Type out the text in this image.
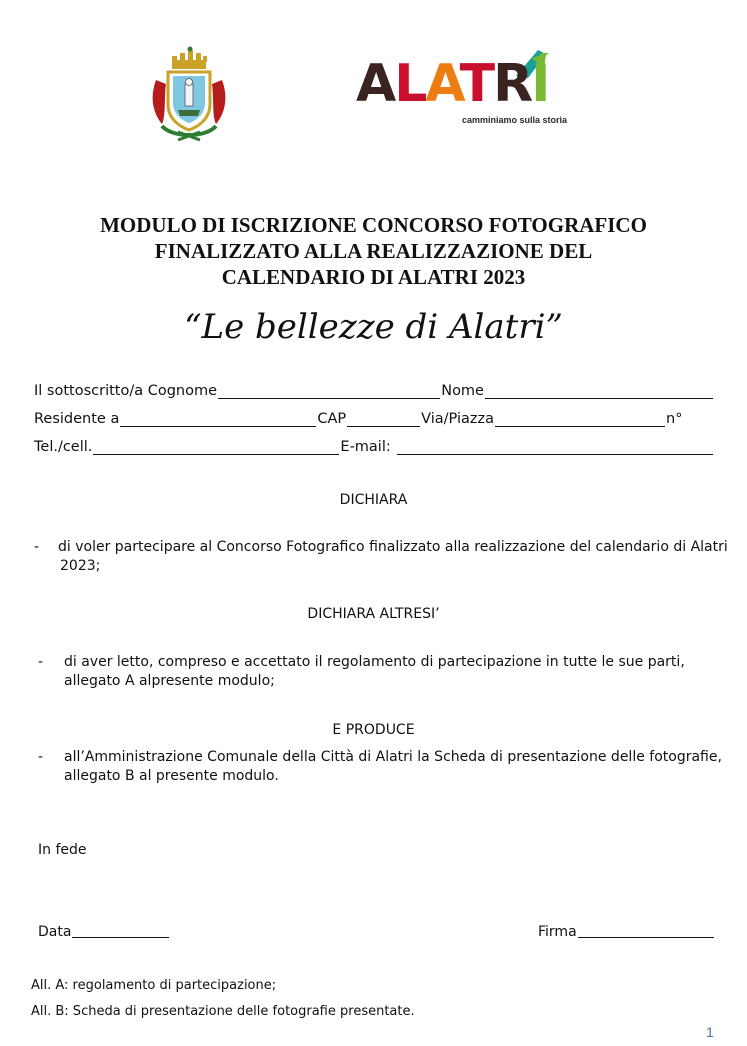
ALATRÍ
camminiamo sulla storia
MODULO DI ISCRIZIONE CONCORSO FOTOGRAFICO
FINALIZZATO ALLA REALIZZAZIONE DEL
CALENDARIO DI ALATRI 2023
“Le bellezze di Alatri”
Il sottoscritto/a Cognome	Nome
Residente a	CAP	Via/Piazza	n°
Tel./cell.	E-mail:
DICHIARA
- di voler partecipare al Concorso Fotografico finalizzato alla realizzazione del calendario di Alatri
2023;
DICHIARA ALTRESI’
- di aver letto, compreso e accettato il regolamento di partecipazione in tutte le sue parti,
allegato A alpresente modulo;
E PRODUCE
- all’Amministrazione Comunale della Città di Alatri la Scheda di presentazione delle fotografie,
allegato B al presente modulo.
In fede
Data	Firma
All. A: regolamento di partecipazione;
All. B: Scheda di presentazione delle fotografie presentate.
1
